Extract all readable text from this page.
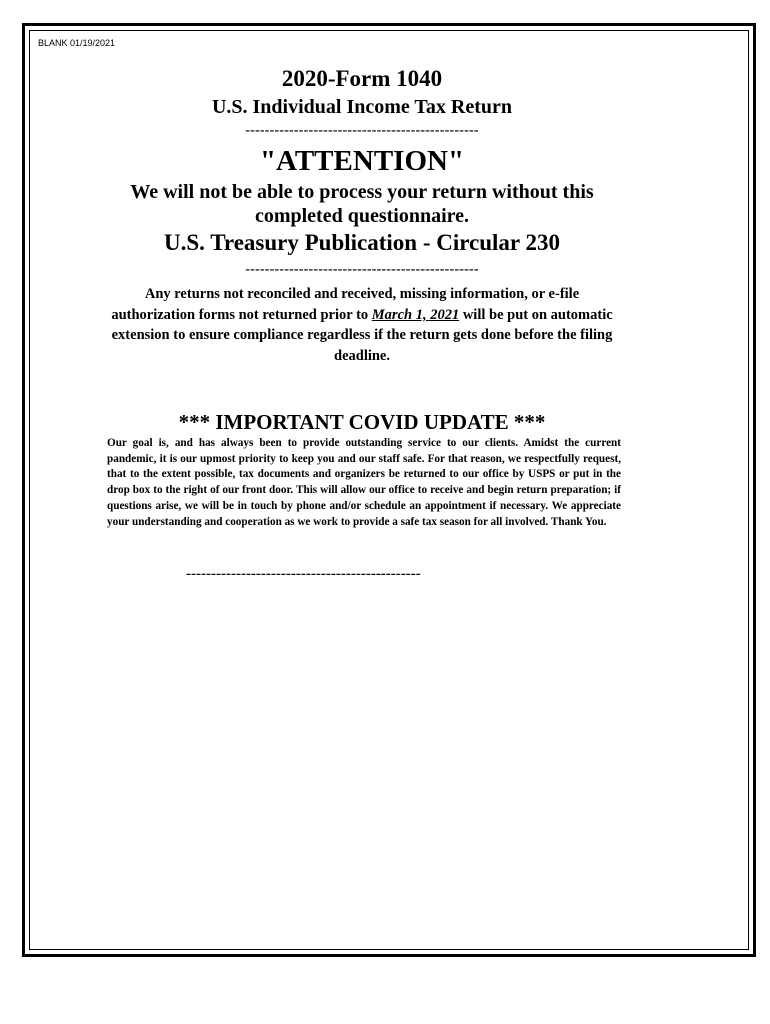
BLANK 01/19/2021
2020-Form 1040
U.S. Individual Income Tax Return
------------------------------------------------
"ATTENTION"
We will not be able to process your return without this
completed questionnaire.
U.S. Treasury Publication - Circular 230
------------------------------------------------
Any returns not reconciled and received, missing information, or e-file authorization forms not returned prior to March 1, 2021 will be put on automatic extension to ensure compliance regardless if the return gets done before the filing deadline.
*** IMPORTANT COVID UPDATE ***
Our goal is, and has always been to provide outstanding service to our clients. Amidst the current pandemic, it is our upmost priority to keep you and our staff safe. For that reason, we respectfully request, that to the extent possible, tax documents and organizers be returned to our office by USPS or put in the drop box to the right of our front door. This will allow our office to receive and begin return preparation; if questions arise, we will be in touch by phone and/or schedule an appointment if necessary. We appreciate your understanding and cooperation as we work to provide a safe tax season for all involved. Thank You.
-----------------------------------------------
